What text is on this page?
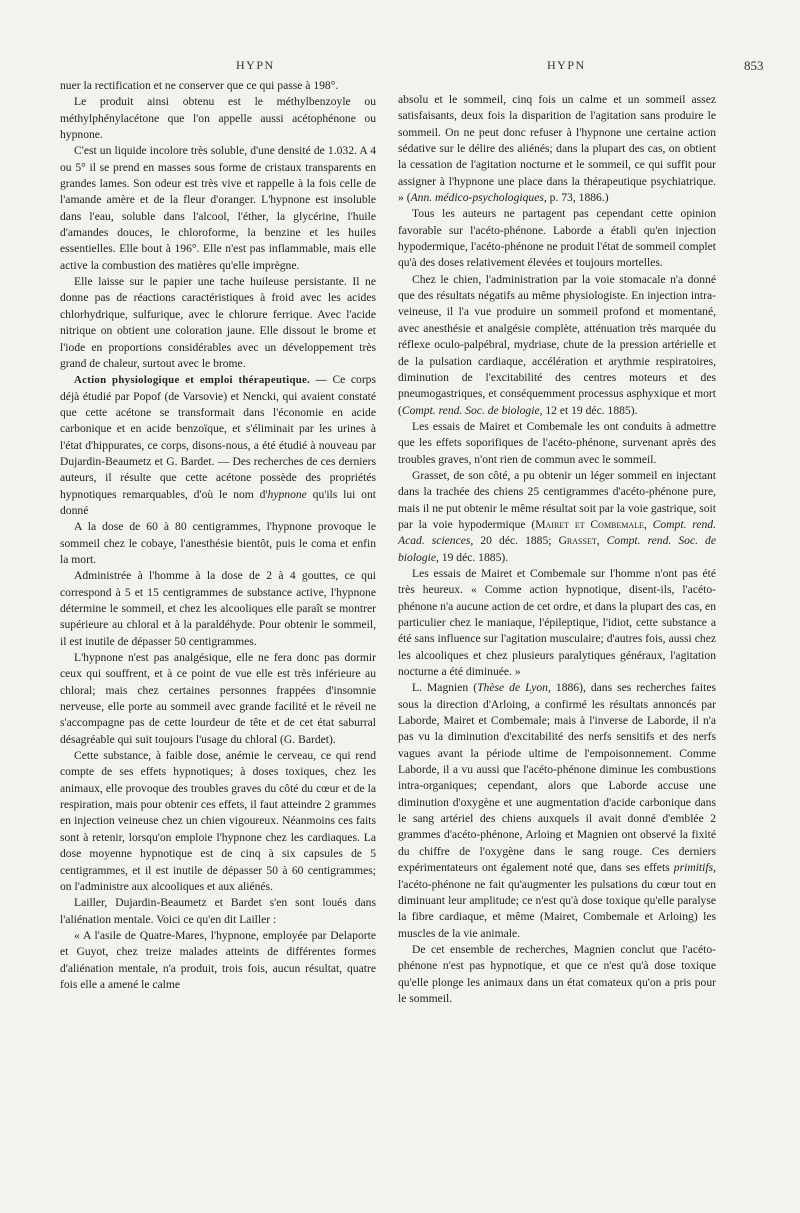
HYPN	HYPN	853

nuer la rectification et ne conserver que ce qui passe à 198°.

Le produit ainsi obtenu est le méthylbenzoyle ou méthylphénylacétone que l'on appelle aussi acétophénone ou hypnone.

C'est un liquide incolore très soluble, d'une densité de 1.032. A 4 ou 5° il se prend en masses sous forme de cristaux transparents en grandes lames. Son odeur est très vive et rappelle à la fois celle de l'amande amère et de la fleur d'oranger. L'hypnone est insoluble dans l'eau, soluble dans l'alcool, l'éther, la glycérine, l'huile d'amandes douces, le chloroforme, la benzine et les huiles essentielles. Elle bout à 196°. Elle n'est pas inflammable, mais elle active la combustion des matières qu'elle imprègne.

Elle laisse sur le papier une tache huileuse persistante. Il ne donne pas de réactions caractéristiques à froid avec les acides chlorhydrique, sulfurique, avec le chlorure ferrique. Avec l'acide nitrique on obtient une coloration jaune. Elle dissout le brome et l'iode en proportions considérables avec un développement très grand de chaleur, surtout avec le brome.

Action physiologique et emploi thérapeutique. — Ce corps déjà étudié par Popof (de Varsovie) et Nencki, qui avaient constaté que cette acétone se transformait dans l'économie en acide carbonique et en acide benzoïque, et s'éliminait par les urines à l'état d'hippurates, ce corps, disons-nous, a été étudié à nouveau par Dujardin-Beaumetz et G. Bardet. — Des recherches de ces derniers auteurs, il résulte que cette acétone possède des propriétés hypnotiques remarquables, d'où le nom d'hypnone qu'ils lui ont donné

A la dose de 60 à 80 centigrammes, l'hypnone provoque le sommeil chez le cobaye, l'anesthésie bientôt, puis le coma et enfin la mort.

Administrée à l'homme à la dose de 2 à 4 gouttes, ce qui correspond à 5 et 15 centigrammes de substance active, l'hypnone détermine le sommeil, et chez les alcooliques elle paraît se montrer supérieure au chloral et à la paraldéhyde. Pour obtenir le sommeil, il est inutile de dépasser 50 centigrammes.

L'hypnone n'est pas analgésique, elle ne fera donc pas dormir ceux qui souffrent, et à ce point de vue elle est très inférieure au chloral; mais chez certaines personnes frappées d'insomnie nerveuse, elle porte au sommeil avec grande facilité et le réveil ne s'accompagne pas de cette lourdeur de tête et de cet état saburral désagréable qui suit toujours l'usage du chloral (G. Bardet).

Cette substance, à faible dose, anémie le cerveau, ce qui rend compte de ses effets hypnotiques; à doses toxiques, chez les animaux, elle provoque des troubles graves du côté du cœur et de la respiration, mais pour obtenir ces effets, il faut atteindre 2 grammes en injection veineuse chez un chien vigoureux. Néanmoins ces faits sont à retenir, lorsqu'on emploie l'hypnone chez les cardiaques. La dose moyenne hypnotique est de cinq à six capsules de 5 centigrammes, et il est inutile de dépasser 50 à 60 centigrammes; on l'administre aux alcooliques et aux aliénés.

Lailler, Dujardin-Beaumetz et Bardet s'en sont loués dans l'aliénation mentale. Voici ce qu'en dit Lailler :

« A l'asile de Quatre-Mares, l'hypnone, employée par Delaporte et Guyot, chez treize malades atteints de différentes formes d'aliénation mentale, n'a produit, trois fois, aucun résultat, quatre fois elle a amené le calme

absolu et le sommeil, cinq fois un calme et un sommeil assez satisfaisants, deux fois la disparition de l'agitation sans produire le sommeil. On ne peut donc refuser à l'hypnone une certaine action sédative sur le délire des aliénés; dans la plupart des cas, on obtient la cessation de l'agitation nocturne et le sommeil, ce qui suffit pour assigner à l'hypnone une place dans la thérapeutique psychiatrique. » (Ann. médico-psychologiques, p. 73, 1886.)

Tous les auteurs ne partagent pas cependant cette opinion favorable sur l'acéto-phénone. Laborde a établi qu'en injection hypodermique, l'acéto-phénone ne produit l'état de sommeil complet qu'à des doses relativement élevées et toujours mortelles.

Chez le chien, l'administration par la voie stomacale n'a donné que des résultats négatifs au même physiologiste. En injection intra-veineuse, il l'a vue produire un sommeil profond et momentané, avec anesthésie et analgésie complète, atténuation très marquée du réflexe oculo-palpébral, mydriase, chute de la pression artérielle et de la pulsation cardiaque, accélération et arythmie respiratoires, diminution de l'excitabilité des centres moteurs et des pneumogastriques, et conséquemment processus asphyxique et mort (Compt. rend. Soc. de biologie, 12 et 19 déc. 1885).

Les essais de Mairet et Combemale les ont conduits à admettre que les effets soporifiques de l'acéto-phénone, survenant après des troubles graves, n'ont rien de commun avec le sommeil.

Grasset, de son côté, a pu obtenir un léger sommeil en injectant dans la trachée des chiens 25 centigrammes d'acéto-phénone pure, mais il ne put obtenir le même résultat soit par la voie gastrique, soit par la voie hypodermique (Mairet et Combemale, Compt. rend. Acad. sciences, 20 déc. 1885; Grasset, Compt. rend. Soc. de biologie, 19 déc. 1885).

Les essais de Mairet et Combemale sur l'homme n'ont pas été très heureux. « Comme action hypnotique, disent-ils, l'acéto-phénone n'a aucune action de cet ordre, et dans la plupart des cas, en particulier chez le maniaque, l'épileptique, l'idiot, cette substance a été sans influence sur l'agitation musculaire; d'autres fois, aussi chez les alcooliques et chez plusieurs paralytiques généraux, l'agitation nocturne a été diminuée. »

L. Magnien (Thèse de Lyon, 1886), dans ses recherches faites sous la direction d'Arloing, a confirmé les résultats annoncés par Laborde, Mairet et Combemale; mais à l'inverse de Laborde, il n'a pas vu la diminution d'excitabilité des nerfs sensitifs et des nerfs vagues avant la période ultime de l'empoisonnement. Comme Laborde, il a vu aussi que l'acéto-phénone diminue les combustions intra-organiques; cependant, alors que Laborde accuse une diminution d'oxygène et une augmentation d'acide carbonique dans le sang artériel des chiens auxquels il avait donné d'emblée 2 grammes d'acéto-phénone, Arloing et Magnien ont observé la fixité du chiffre de l'oxygène dans le sang rouge. Ces derniers expérimentateurs ont également noté que, dans ses effets primitifs, l'acéto-phénone ne fait qu'augmenter les pulsations du cœur tout en diminuant leur amplitude; ce n'est qu'à dose toxique qu'elle paralyse la fibre cardiaque, et même (Mairet, Combemale et Arloing) les muscles de la vie animale.

De cet ensemble de recherches, Magnien conclut que l'acéto-phénone n'est pas hypnotique, et que ce n'est qu'à dose toxique qu'elle plonge les animaux dans un état comateux qu'on a pris pour le sommeil.
